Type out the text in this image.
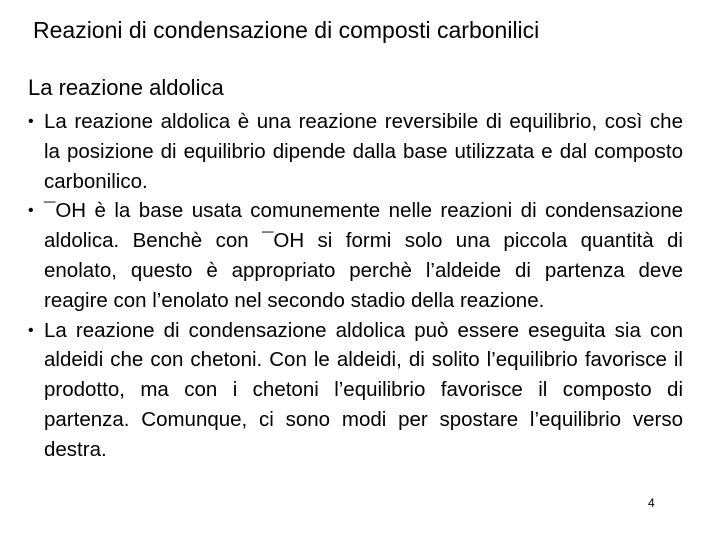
Reazioni di condensazione di composti carbonilici
La reazione aldolica
• La reazione aldolica è una reazione reversibile di equilibrio, così che la posizione di equilibrio dipende dalla base utilizzata e dal composto carbonilico.
• ¯OH è la base usata comunemente nelle reazioni di condensazione aldolica. Benchè con ¯OH si formi solo una piccola quantità di enolato, questo è appropriato perchè l’aldeide di partenza deve reagire con l’enolato nel secondo stadio della reazione.
• La reazione di condensazione aldolica può essere eseguita sia con aldeidi che con chetoni. Con le aldeidi, di solito l’equilibrio favorisce il prodotto, ma con i chetoni l’equilibrio favorisce il composto di partenza. Comunque, ci sono modi per spostare l’equilibrio verso destra.
4
